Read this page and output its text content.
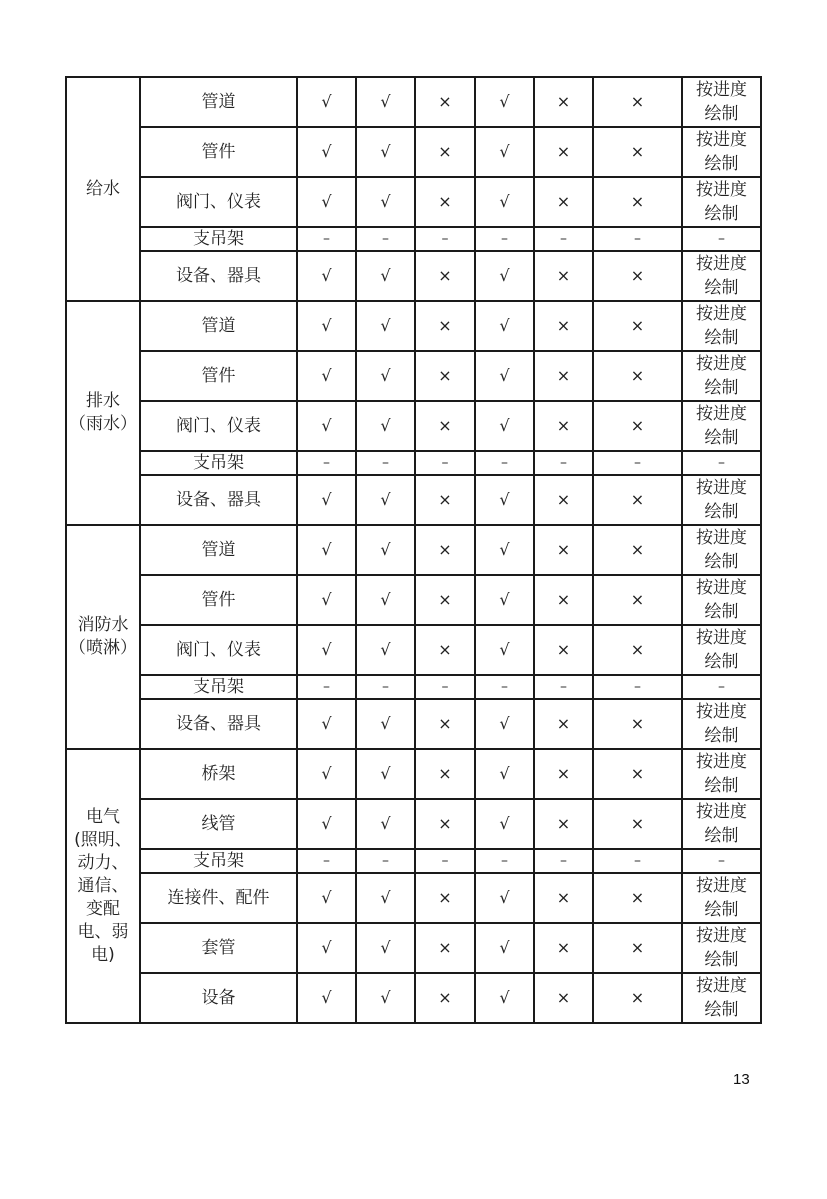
给水	管道	√	√	×	√	×	×	按进度
绘制
	管件	√	√	×	√	×	×	按进度
绘制
	阀门、仪表	√	√	×	√	×	×	按进度
绘制
	支吊架	–	–	–	–	–	–	–
	设备、器具	√	√	×	√	×	×	按进度
绘制
排水
（雨水）	管道	√	√	×	√	×	×	按进度
绘制
	管件	√	√	×	√	×	×	按进度
绘制
	阀门、仪表	√	√	×	√	×	×	按进度
绘制
	支吊架	–	–	–	–	–	–	–
	设备、器具	√	√	×	√	×	×	按进度
绘制
消防水
（喷淋）	管道	√	√	×	√	×	×	按进度
绘制
	管件	√	√	×	√	×	×	按进度
绘制
	阀门、仪表	√	√	×	√	×	×	按进度
绘制
	支吊架	–	–	–	–	–	–	–
	设备、器具	√	√	×	√	×	×	按进度
绘制
电气
(照明、
动力、
通信、
变配
电、弱
电)	桥架	√	√	×	√	×	×	按进度
绘制
	线管	√	√	×	√	×	×	按进度
绘制
	支吊架	–	–	–	–	–	–	–
	连接件、配件	√	√	×	√	×	×	按进度
绘制
	套管	√	√	×	√	×	×	按进度
绘制
	设备	√	√	×	√	×	×	按进度
绘制
13
